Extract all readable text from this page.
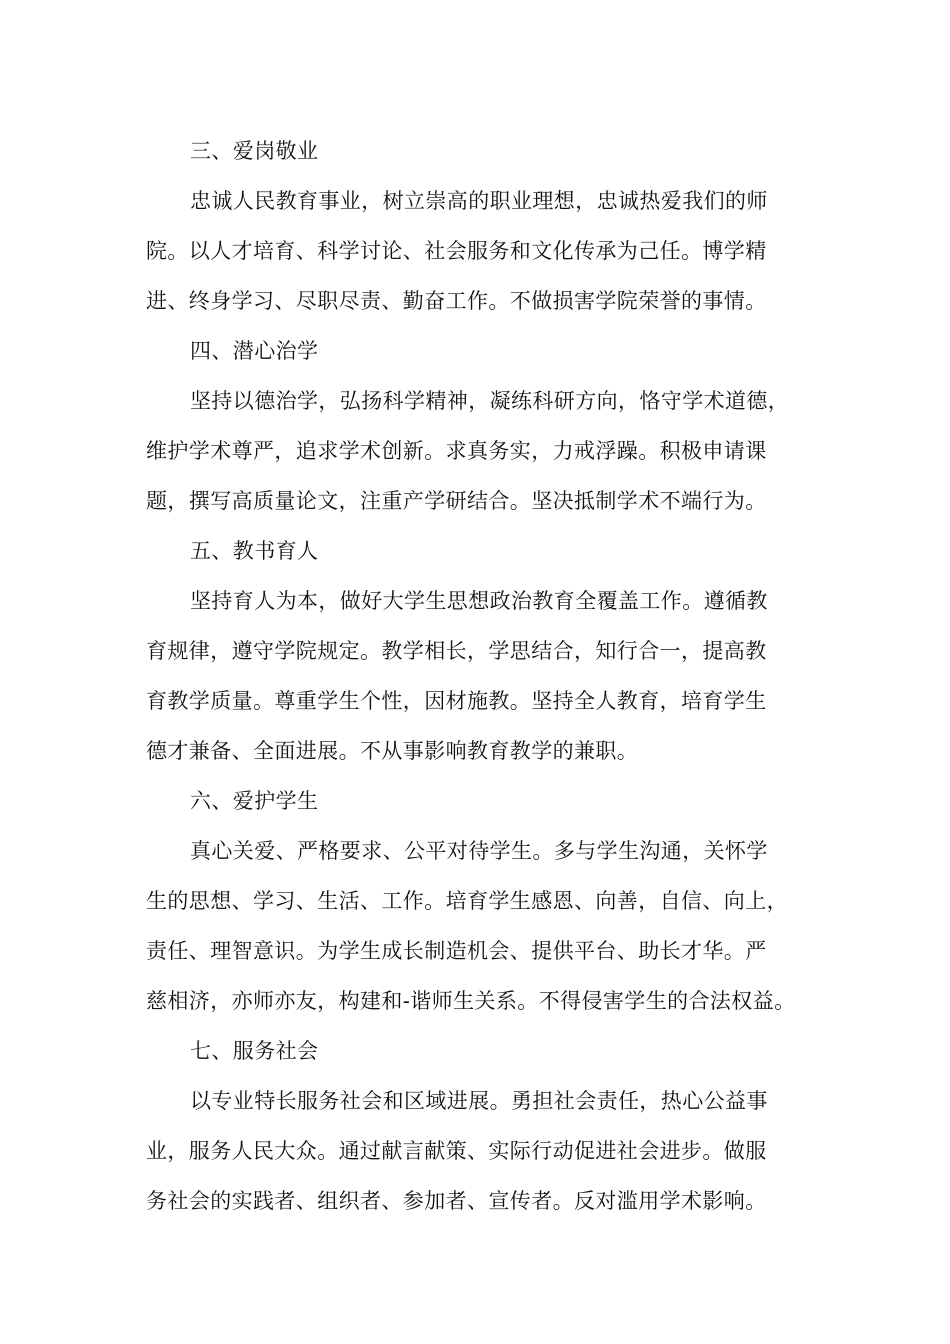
三、爱岗敬业
忠诚人民教育事业，树立崇高的职业理想，忠诚热爱我们的师
院。以人才培育、科学讨论、社会服务和文化传承为己任。博学精
进、终身学习、尽职尽责、勤奋工作。不做损害学院荣誉的事情。
四、潜心治学
坚持以德治学，弘扬科学精神，凝练科研方向，恪守学术道德，
维护学术尊严，追求学术创新。求真务实，力戒浮躁。积极申请课
题，撰写高质量论文，注重产学研结合。坚决抵制学术不端行为。
五、教书育人
坚持育人为本，做好大学生思想政治教育全覆盖工作。遵循教
育规律，遵守学院规定。教学相长，学思结合，知行合一，提高教
育教学质量。尊重学生个性，因材施教。坚持全人教育，培育学生
德才兼备、全面进展。不从事影响教育教学的兼职。
六、爱护学生
真心关爱、严格要求、公平对待学生。多与学生沟通，关怀学
生的思想、学习、生活、工作。培育学生感恩、向善，自信、向上，
责任、理智意识。为学生成长制造机会、提供平台、助长才华。严
慈相济，亦师亦友，构建和-谐师生关系。不得侵害学生的合法权益。
七、服务社会
以专业特长服务社会和区域进展。勇担社会责任，热心公益事
业，服务人民大众。通过献言献策、实际行动促进社会进步。做服
务社会的实践者、组织者、参加者、宣传者。反对滥用学术影响。
